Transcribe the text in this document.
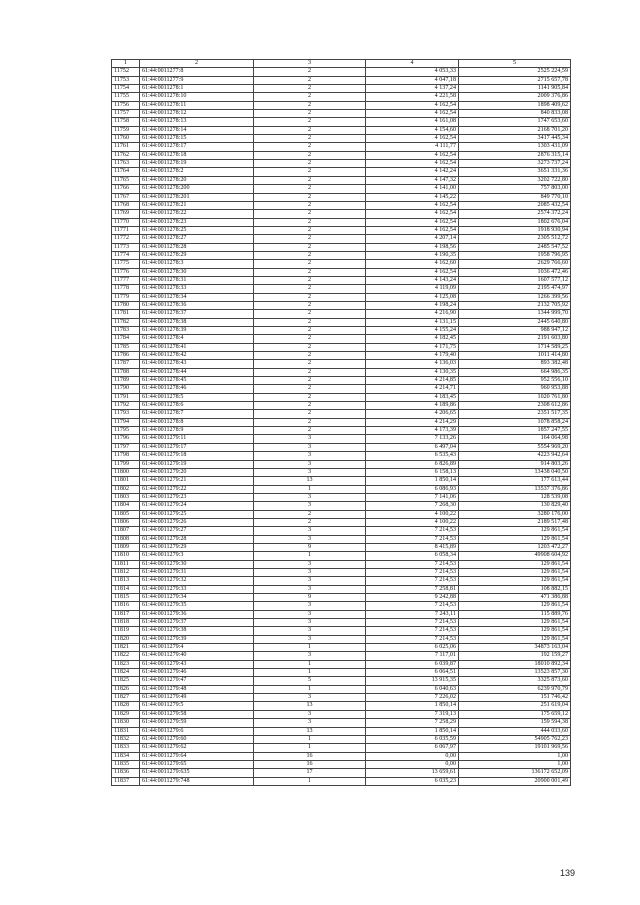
1	2	3	4	5
11752	61:44:0011277:8	2	4 053,33	2525 224,59
11753	61:44:0011277:9	2	4 047,18	2715 657,78
11754	61:44:0011278:1	2	4 137,24	1141 905,84
11755	61:44:0011278:10	2	4 221,58	2009 376,86
11756	61:44:0011278:11	2	4 162,54	1898 409,62
11757	61:44:0011278:12	2	4 162,54	840 833,08
11758	61:44:0011278:13	2	4 161,08	1747 653,60
11759	61:44:0011278:14	2	4 154,60	2168 701,20
11760	61:44:0011278:15	2	4 162,54	3417 445,34
11761	61:44:0011278:17	2	4 111,77	1303 431,09
11762	61:44:0011278:18	2	4 162,54	2876 315,14
11763	61:44:0011278:19	2	4 162,54	3273 737,24
11764	61:44:0011278:2	2	4 142,24	3651 331,36
11765	61:44:0011278:20	2	4 147,32	3202 722,80
11766	61:44:0011278:200	2	4 141,00	757 803,00
11767	61:44:0011278:201	2	4 145,22	849 770,10
11768	61:44:0011278:21	2	4 162,54	2085 432,54
11769	61:44:0011278:22	2	4 162,54	2574 372,24
11770	61:44:0011278:23	2	4 162,54	1802 676,04
11771	61:44:0011278:25	2	4 162,54	1918 930,94
11772	61:44:0011278:27	2	4 207,14	2305 512,72
11773	61:44:0011278:28	2	4 198,56	2485 547,52
11774	61:44:0011278:29	2	4 190,35	1958 796,95
11775	61:44:0011278:3	2	4 162,60	2629 766,60
11776	61:44:0011278:30	2	4 162,54	1036 472,46
11777	61:44:0011278:31	2	4 143,24	1607 577,12
11778	61:44:0011278:33	2	4 119,09	2195 474,97
11779	61:44:0011278:34	2	4 125,08	1266 399,56
11780	61:44:0011278:36	2	4 198,24	2132 705,92
11781	61:44:0011278:37	2	4 216,90	1344 999,70
11782	61:44:0011278:38	2	4 131,15	2445 640,80
11783	61:44:0011278:39	2	4 155,24	988 947,12
11784	61:44:0011278:4	2	4 182,45	2191 603,80
11785	61:44:0011278:41	2	4 171,75	1714 589,25
11786	61:44:0011278:42	2	4 179,40	1011 414,80
11787	61:44:0011278:43	2	4 136,03	893 382,48
11788	61:44:0011278:44	2	4 130,35	664 986,35
11789	61:44:0011278:45	2	4 214,85	952 556,10
11790	61:44:0011278:46	2	4 214,71	960 953,88
11791	61:44:0011278:5	2	4 183,45	1020 761,80
11792	61:44:0011278:6	2	4 189,86	2308 612,86
11793	61:44:0011278:7	2	4 206,65	2351 517,35
11794	61:44:0011278:8	2	4 214,29	1078 858,24
11795	61:44:0011278:9	2	4 173,39	1857 247,55
11796	61:44:0011279:11	3	7 133,26	164 064,98
11797	61:44:0011279:17	3	6 497,04	5554 969,20
11798	61:44:0011279:18	3	6 535,43	4223 942,64
11799	61:44:0011279:19	3	6 826,89	914 803,26
11800	61:44:0011279:20	3	6 158,13	13438 040,50
11801	61:44:0011279:21	13	1 850,14	177 613,44
11802	61:44:0011279:22	1	6 086,93	13537 376,86
11803	61:44:0011279:23	3	7 141,06	128 539,08
11804	61:44:0011279:24	3	7 268,30	130 829,40
11805	61:44:0011279:25	2	4 100,22	3280 176,00
11806	61:44:0011279:26	2	4 100,22	2189 517,48
11807	61:44:0011279:27	3	7 214,53	129 861,54
11808	61:44:0011279:28	3	7 214,53	129 861,54
11809	61:44:0011279:29	9	8 415,89	1203 472,27
11810	61:44:0011279:3	1	6 058,34	49908 604,92
11811	61:44:0011279:30	3	7 214,53	129 861,54
11812	61:44:0011279:31	3	7 214,53	129 861,54
11813	61:44:0011279:32	3	7 214,53	129 861,54
11814	61:44:0011279:33	3	7 258,81	108 882,15
11815	61:44:0011279:34	9	9 242,88	471 386,88
11816	61:44:0011279:35	3	7 214,53	129 861,54
11817	61:44:0011279:36	3	7 243,11	115 889,76
11818	61:44:0011279:37	3	7 214,53	129 861,54
11819	61:44:0011279:38	3	7 214,53	129 861,54
11820	61:44:0011279:39	3	7 214,53	129 861,54
11821	61:44:0011279:4	1	6 025,06	34873 163,04
11822	61:44:0011279:40	3	7 117,01	192 159,27
11823	61:44:0011279:43	1	6 039,87	18010 892,34
11824	61:44:0011279:46	1	6 064,51	13523 857,30
11825	61:44:0011279:47	5	13 915,35	3325 873,60
11826	61:44:0011279:48	1	6 040,63	6239 970,79
11827	61:44:0011279:49	3	7 226,02	151 746,42
11828	61:44:0011279:5	13	1 850,14	251 619,04
11829	61:44:0011279:58	3	7 319,13	175 659,12
11830	61:44:0011279:59	3	7 258,29	159 594,38
11831	61:44:0011279:6	13	1 850,14	444 033,60
11832	61:44:0011279:60	1	6 035,59	54905 762,23
11833	61:44:0011279:62	1	6 067,97	19101 969,56
11834	61:44:0011279:64	16	0,00	1,00
11835	61:44:0011279:65	16	0,00	1,00
11836	61:44:0011279:635	17	13 659,61	136172 652,09
11837	61:44:0011279:748	1	6 035,23	20900 001,49
139
